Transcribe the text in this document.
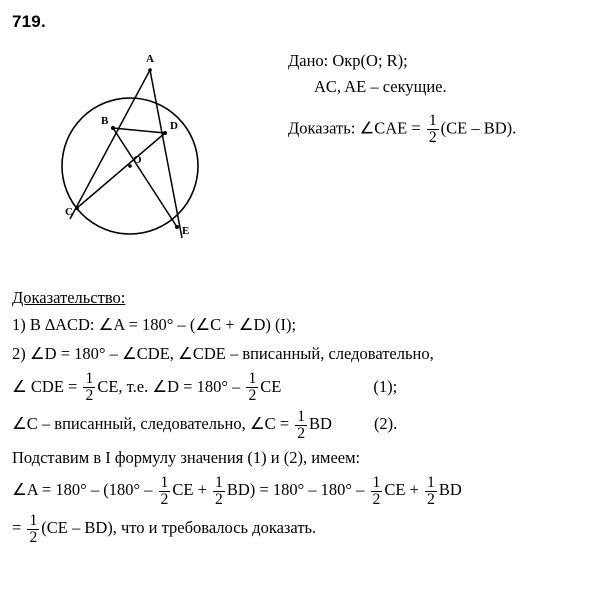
719.
A
B	D
O
C
E
Дано: Окр(O; R);
AC, AE – секущие.
Доказать: ∠CAE = $\frac{1}{2} (CE - BD)$.
Доказательство:
1) В ∆ACD: ∠A = 180° – (∠C + ∠D) (I);
2) ∠D = 180° – ∠CDE, ∠CDE – вписанный, следовательно,
∠ CDE = $\frac{1}{2}$ CE, т.е. ∠D = $180^\circ - \frac{1}{2}$ CE	(1);
∠C – вписанный, следовательно, ∠C = $\frac{1}{2}$ BD	(2).
Подставим в I формулу значения (1) и (2), имеем:
∠A = $180^\circ - (180^\circ - \frac{1}{2}$ CE + $\frac{1}{2} BD) = 180^\circ - 180^\circ - \frac{1}{2}$ CE + $\frac{1}{2}$ BD
= $\frac{1}{2} (CE - BD)$, что и требовалось доказать.
